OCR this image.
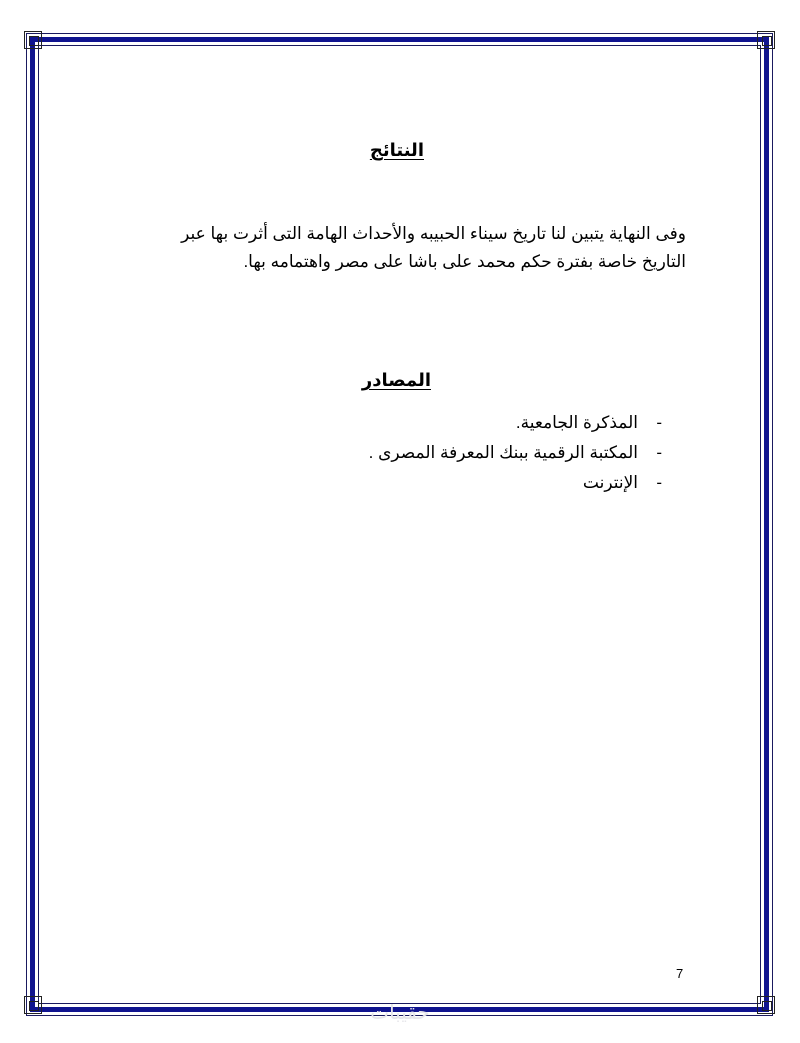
النتائج
وفى النهاية يتبين لنا تاريخ سيناء الحبيبه والأحداث الهامة التى أثرت بها عبر
التاريخ خاصة بفترة حكم محمد على باشا على مصر واهتمامه بها.
المصادر
-
المذكرة الجامعية.
-
المكتبة الرقمية ببنك المعرفة المصرى .
-
الإنترنت
7
حقيبات
